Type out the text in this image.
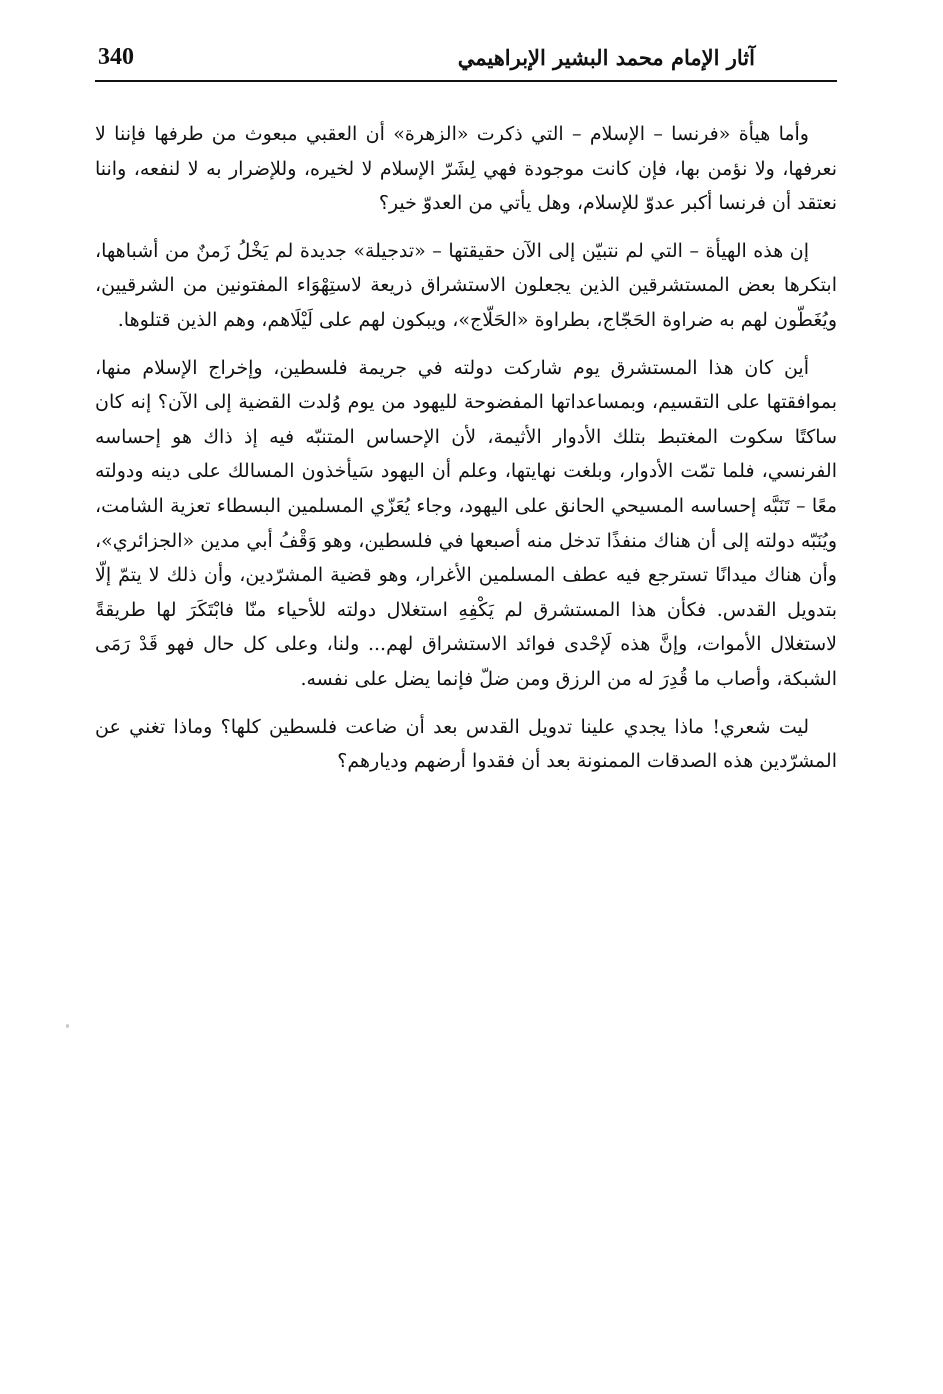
340	آثار الإمام محمد البشير الإبراهيمي

وأما هيأة «فرنسا – الإسلام – التي ذكرت «الزهرة» أن العقبي مبعوث من طرفها فإننا لا نعرفها، ولا نؤمن بها، فإن كانت موجودة فهي لِشَرّ الإسلام لا لخيره، وللإضرار به لا لنفعه، واننا نعتقد أن فرنسا أكبر عدوّ للإسلام، وهل يأتي من العدوّ خير؟

إن هذه الهيأة – التي لم نتبيّن إلى الآن حقيقتها – «تدجيلة» جديدة لم يَخْلُ زَمنٌ من أشباهها، ابتكرها بعض المستشرقين الذين يجعلون الاستشراق ذريعة لاستِهْوَاء المفتونين من الشرقيين، ويُغَطّون لهم به ضراوة الحَجّاج، بطراوة «الحَلّاج»، ويبكون لهم على لَيْلَاهم، وهم الذين قتلوها.

أين كان هذا المستشرق يوم شاركت دولته في جريمة فلسطين، وإخراج الإسلام منها، بموافقتها على التقسيم، وبمساعداتها المفضوحة لليهود من يوم وُلدت القضية إلى الآن؟ إنه كان ساكتًا سكوت المغتبط بتلك الأدوار الأثيمة، لأن الإحساس المتنبّه فيه إذ ذاك هو إحساسه الفرنسي، فلما تمّت الأدوار، وبلغت نهايتها، وعلم أن اليهود سَيأخذون المسالك على دينه ودولته معًا – تَنَبَّه إحساسه المسيحي الحانق على اليهود، وجاء يُعَزّي المسلمين البسطاء تعزية الشامت، ويُنَبّه دولته إلى أن هناك منفذًا تدخل منه أصبعها في فلسطين، وهو وَقْفُ أبي مدين «الجزائري»، وأن هناك ميدانًا تسترجع فيه عطف المسلمين الأغرار، وهو قضية المشرّدين، وأن ذلك لا يتمّ إلّا بتدويل القدس. فكأن هذا المستشرق لم يَكْفِهِ استغلال دولته للأحياء منّا فابْتَكَرَ لها طريقةً لاستغلال الأموات، وإنَّ هذه لَإحْدى فوائد الاستشراق لهم... ولنا، وعلى كل حال فهو قَدْ رَمَى الشبكة، وأصاب ما قُدِرَ له من الرزق ومن ضلّ فإنما يضل على نفسه.

ليت شعري! ماذا يجدي علينا تدويل القدس بعد أن ضاعت فلسطين كلها؟ وماذا تغني عن المشرّدين هذه الصدقات الممنونة بعد أن فقدوا أرضهم وديارهم؟
